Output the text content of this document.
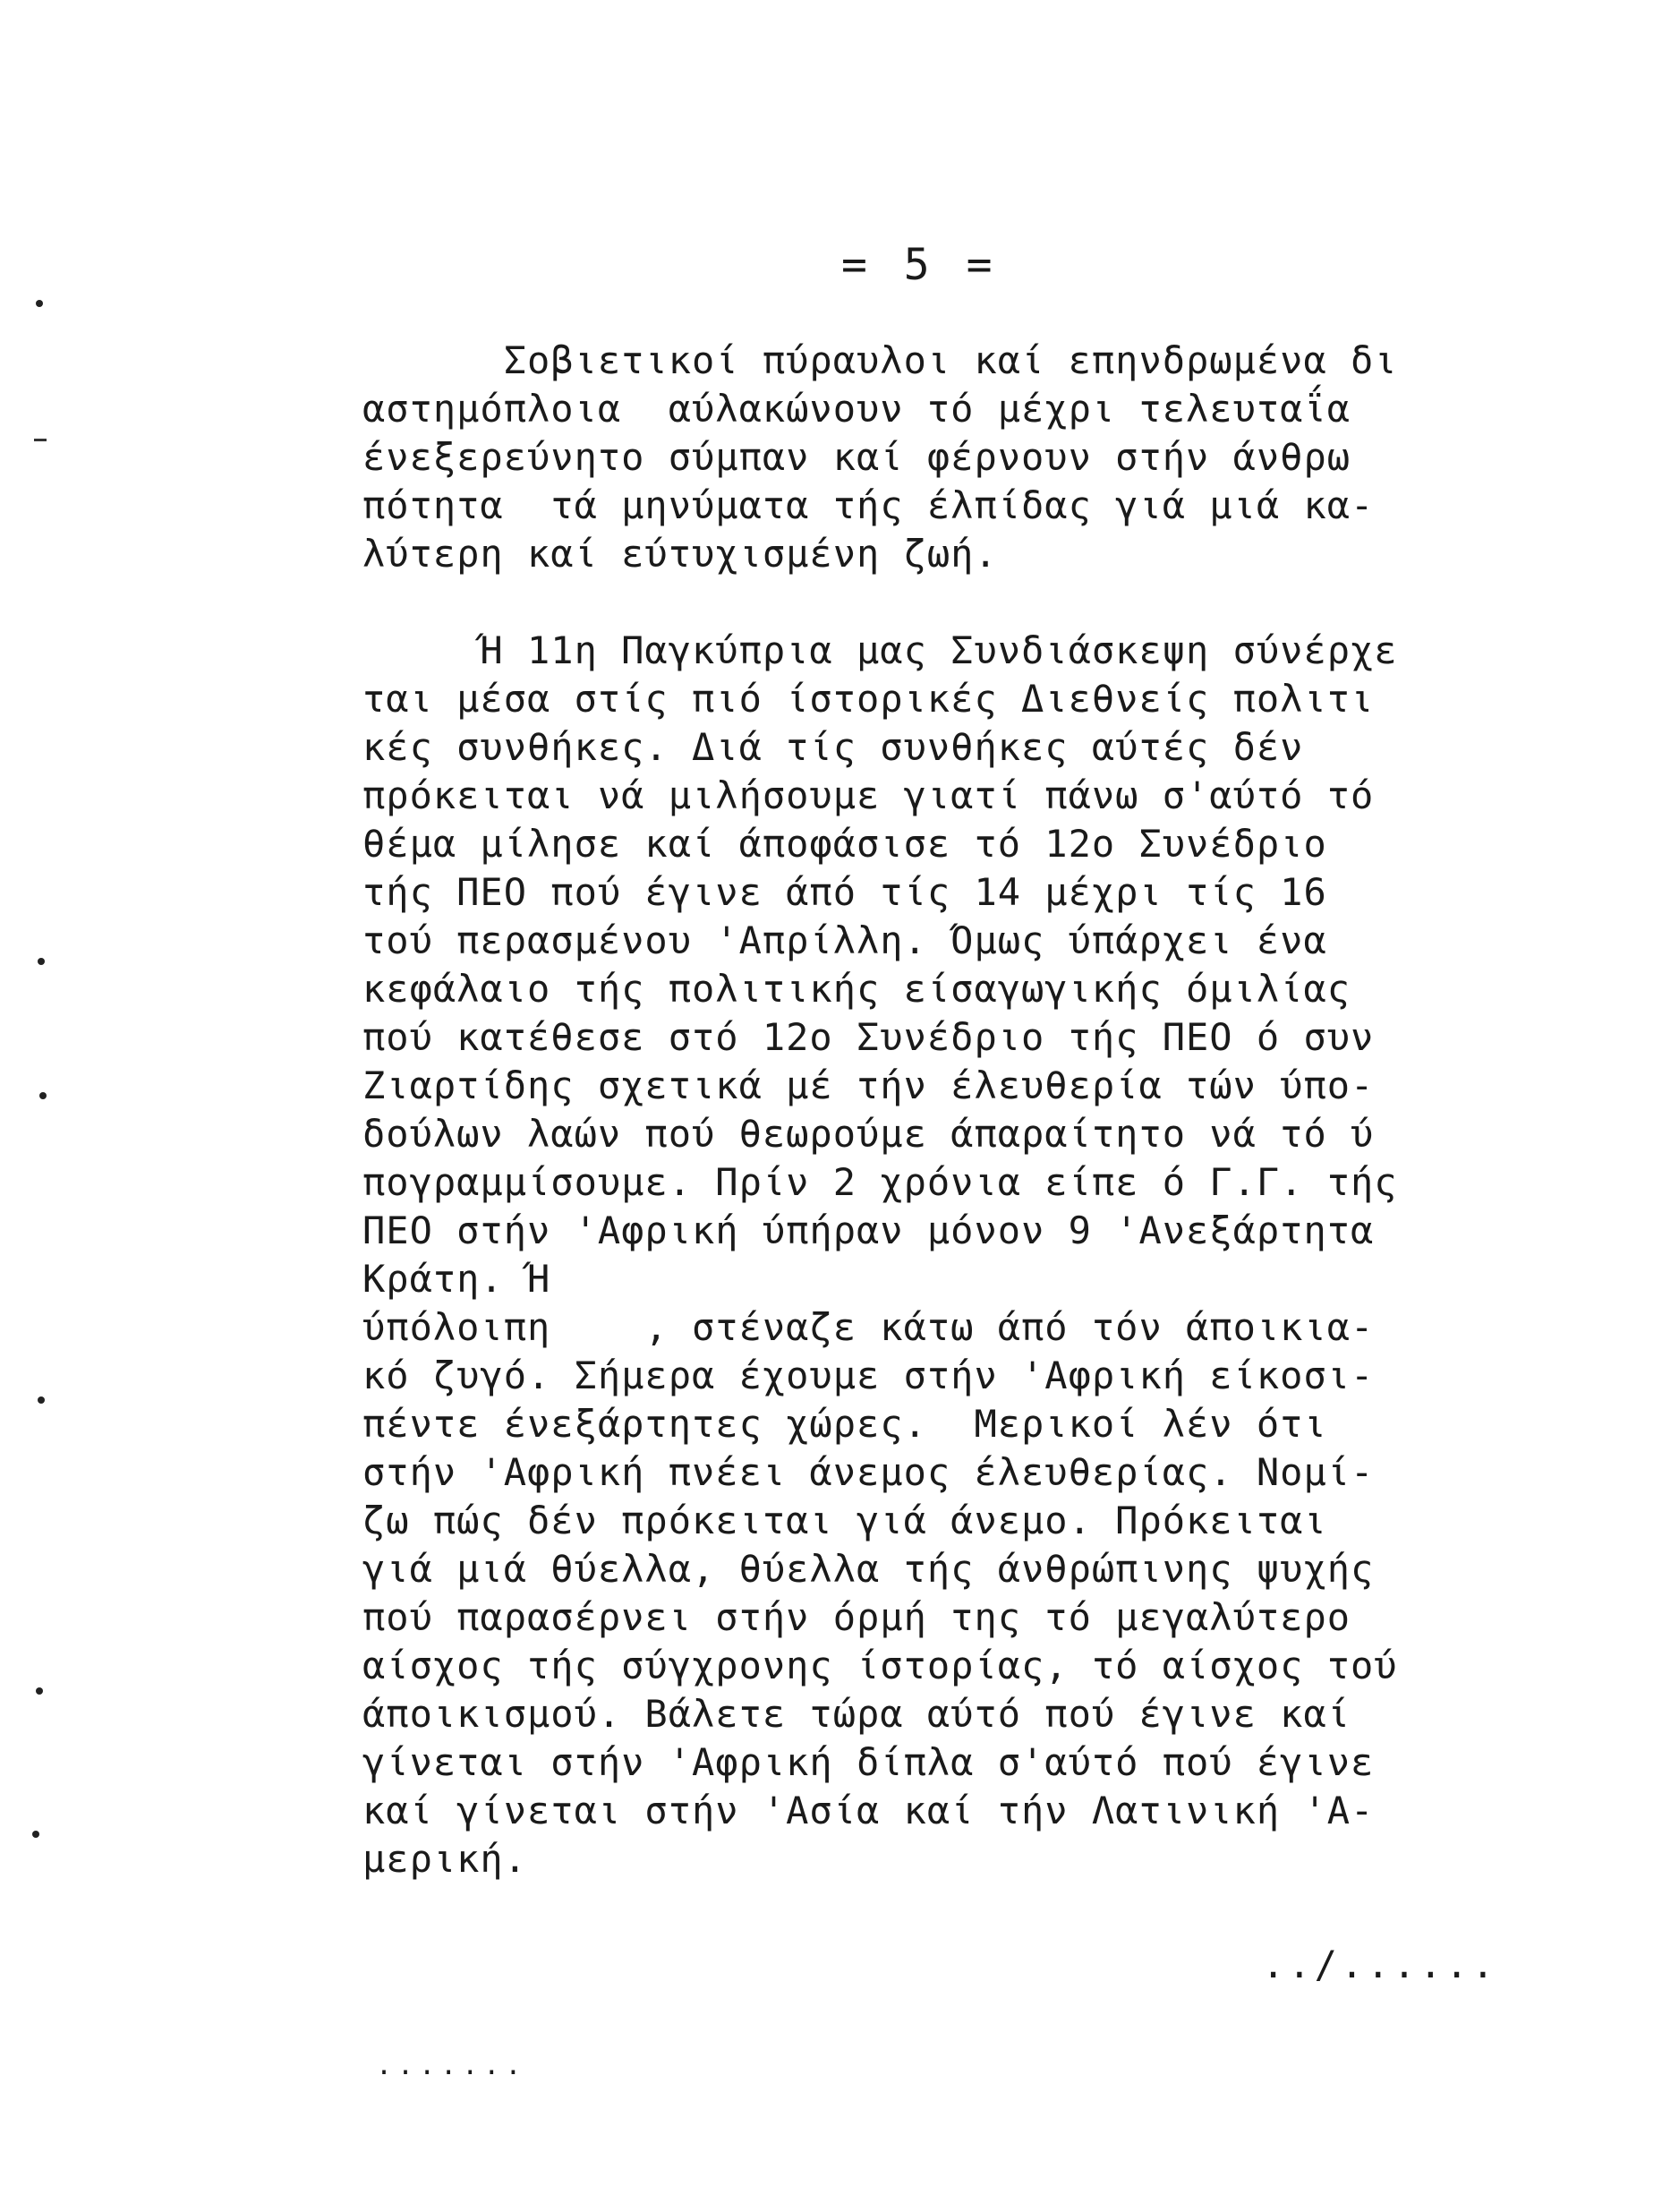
= 5 =
Σοβιετικοί πύραυλοι καί επηνδρωμένα δι
αστημόπλοια  αύλακώνουν τό μέχρι τελευταΐα
ένεξερεύνητο σύμπαν καί φέρνουν στήν άνθρω
πότητα  τά μηνύματα τής έλπίδας γιά μιά κα-
λύτερη καί εύτυχισμένη ζωή.
Ή 11η Παγκύπρια μας Συνδιάσκεψη σύνέρχε
ται μέσα στίς πιό ίστορικές Διεθνείς πολιτι
κές συνθήκες. Διά τίς συνθήκες αύτές δέν
πρόκειται νά μιλήσουμε γιατί πάνω σ'αύτό τό
θέμα μίλησε καί άποφάσισε τό 12ο Συνέδριο
τής ΠΕΟ πού έγινε άπό τίς 14 μέχρι τίς 16
τού περασμένου 'Απρίλλη. Όμως ύπάρχει ένα
κεφάλαιο τής πολιτικής είσαγωγικής όμιλίας
πού κατέθεσε στό 12ο Συνέδριο τής ΠΕΟ ό συν
Ζιαρτίδης σχετικά μέ τήν έλευθερία τών ύπο-
δούλων λαών πού θεωρούμε άπαραίτητο νά τό ύ
πογραμμίσουμε. Πρίν 2 χρόνια είπε ό Γ.Γ. τής
ΠΕΟ στήν 'Αφρική ύπήραν μόνον 9 'Ανεξάρτητα
Κράτη. Ή
ύπόλοιπη    , στέναζε κάτω άπό τόν άποικια-
κό ζυγό. Σήμερα έχουμε στήν 'Αφρική είκοσι-
πέντε ένεξάρτητες χώρες.  Μερικοί λέν ότι
στήν 'Αφρική πνέει άνεμος έλευθερίας. Νομί-
ζω πώς δέν πρόκειται γιά άνεμο. Πρόκειται
γιά μιά θύελλα, θύελλα τής άνθρώπινης ψυχής
πού παρασέρνει στήν όρμή της τό μεγαλύτερο
αίσχος τής σύγχρονης ίστορίας, τό αίσχος τού
άποικισμού. Βάλετε τώρα αύτό πού έγινε καί
γίνεται στήν 'Αφρική δίπλα σ'αύτό πού έγινε
καί γίνεται στήν 'Ασία καί τήν Λατινική 'Α-
μερική.
../......
.......
